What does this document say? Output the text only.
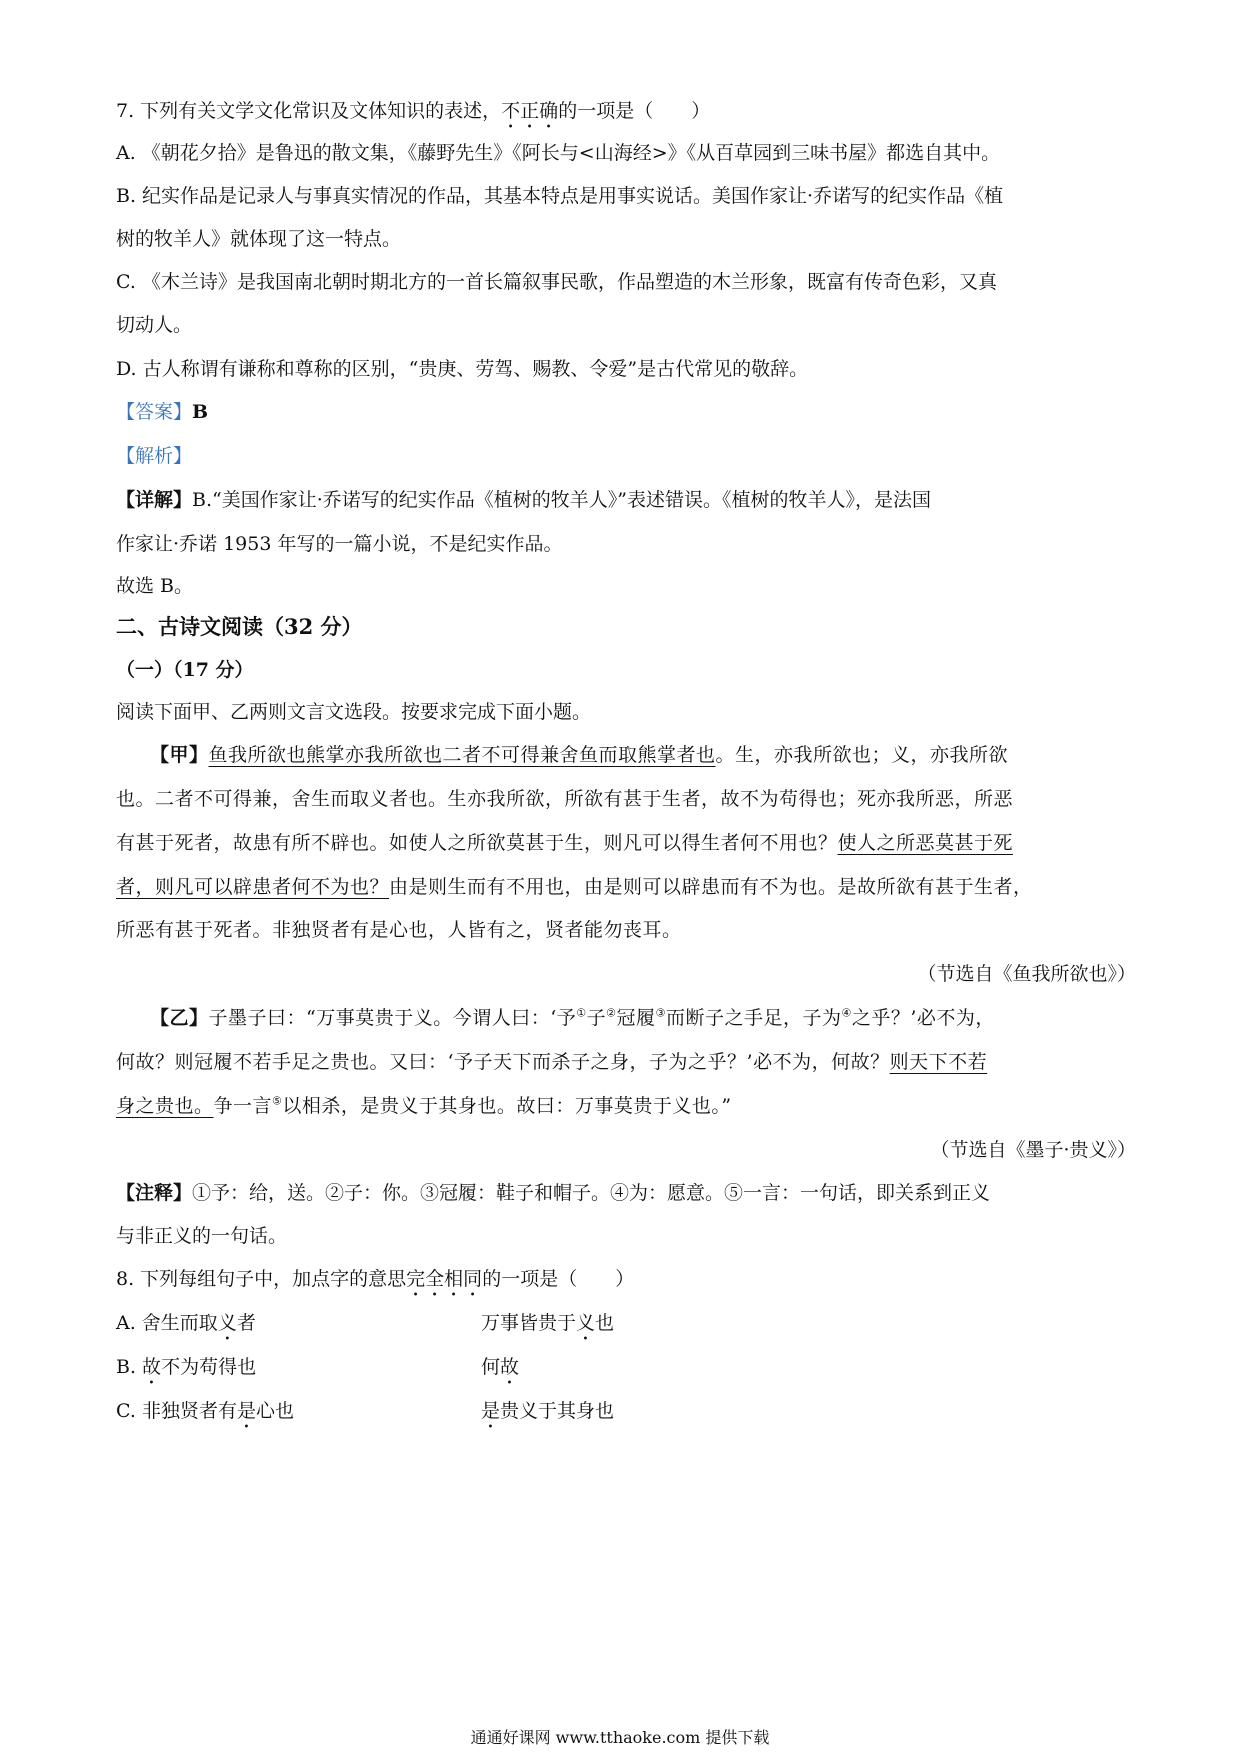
7. 下列有关文学文化常识及文体知识的表述，不正确的一项是（　　）
A. 《朝花夕拾》是鲁迅的散文集，《藤野先生》《阿长与<山海经>》《从百草园到三味书屋》都选自其中。
B. 纪实作品是记录人与事真实情况的作品，其基本特点是用事实说话。美国作家让·乔诺写的纪实作品《植
树的牧羊人》就体现了这一特点。
C. 《木兰诗》是我国南北朝时期北方的一首长篇叙事民歌，作品塑造的木兰形象，既富有传奇色彩，又真
切动人。
D. 古人称谓有谦称和尊称的区别，“贵庚、劳驾、赐教、令爱”是古代常见的敬辞。
【答案】B
【解析】
【详解】B.“美国作家让·乔诺写的纪实作品《植树的牧羊人》”表述错误。《植树的牧羊人》，是法国
作家让·乔诺 1953 年写的一篇小说，不是纪实作品。
故选 B。
二、古诗文阅读（32 分）
（一）（17 分）
阅读下面甲、乙两则文言文选段。按要求完成下面小题。
【甲】鱼我所欲也熊掌亦我所欲也二者不可得兼舍鱼而取熊掌者也。生，亦我所欲也；义，亦我所欲
也。二者不可得兼，舍生而取义者也。生亦我所欲，所欲有甚于生者，故不为苟得也；死亦我所恶，所恶
有甚于死者，故患有所不辟也。如使人之所欲莫甚于生，则凡可以得生者何不用也？使人之所恶莫甚于死
者，则凡可以辟患者何不为也？由是则生而有不用也，由是则可以辟患而有不为也。是故所欲有甚于生者，
所恶有甚于死者。非独贤者有是心也，人皆有之，贤者能勿丧耳。
（节选自《鱼我所欲也》）
【乙】子墨子曰：“万事莫贵于义。今谓人曰：‘予①子②冠履③而断子之手足，子为④之乎？’必不为，
何故？则冠履不若手足之贵也。又曰：‘予子天下而杀子之身，子为之乎？’必不为，何故？则天下不若
身之贵也。争一言⑤以相杀，是贵义于其身也。故曰：万事莫贵于义也。”
（节选自《墨子·贵义》）
【注释】①予：给，送。②子：你。③冠履：鞋子和帽子。④为：愿意。⑤一言：一句话，即关系到正义
与非正义的一句话。
8. 下列每组句子中，加点字的意思完全相同的一项是（　　）
A. 舍生而取义者	万事皆贵于义也
B. 故不为苟得也	何故
C. 非独贤者有是心也	是贵义于其身也
通通好课网 www.tthaoke.com 提供下载
